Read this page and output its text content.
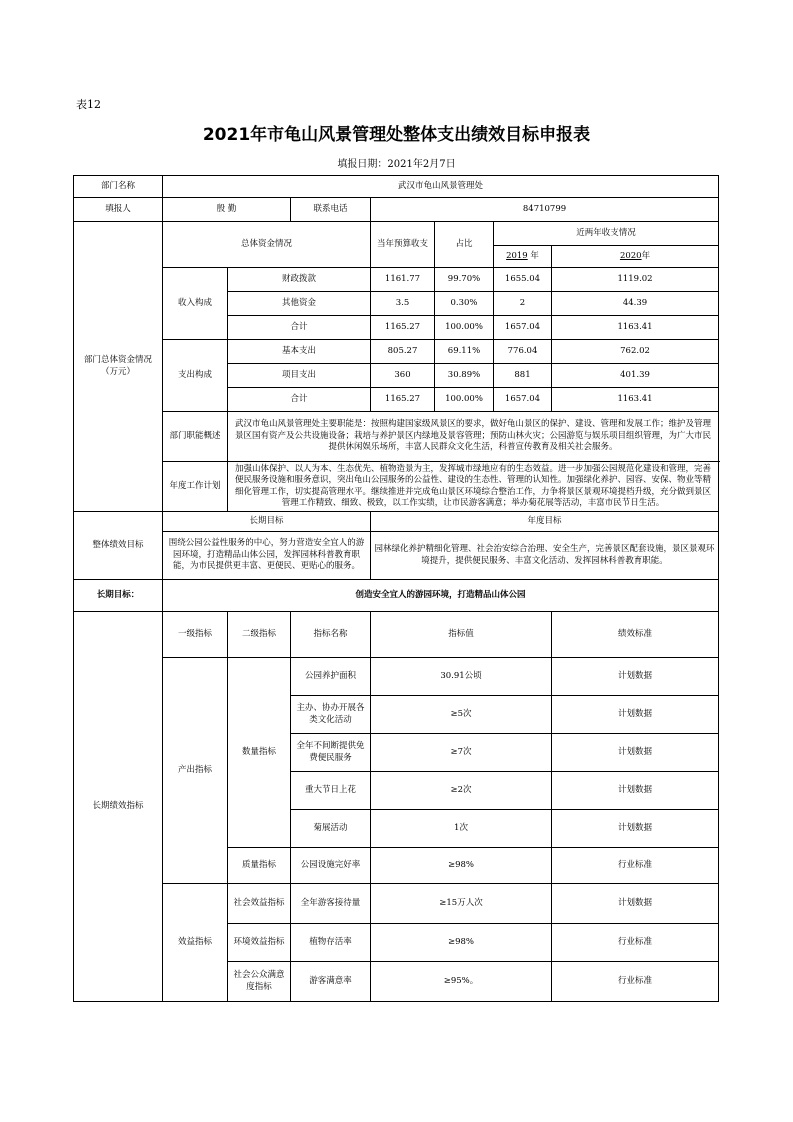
表12
2021年市龟山风景管理处整体支出绩效目标申报表
填报日期：2021年2月7日
部门名称	武汉市龟山风景管理处						
填报人	殷 勤		联系电话	84710799			
部门总体资金情况（万元）	总体资金情况			当年预算收支	占比	近两年收支情况	
						2019 年	2020年
	收入构成	财政拨款		1161.77	99.70%	1655.04	1119.02
		其他资金		3.5	0.30%	2	44.39
		合计		1165.27	100.00%	1657.04	1163.41
	支出构成	基本支出		805.27	69.11%	776.04	762.02
		项目支出		360	30.89%	881	401.39
		合计		1165.27	100.00%	1657.04	1163.41
	部门职能概述	武汉市龟山风景管理处主要职能是：按照构建国家级风景区的要求，做好龟山景区的保护、建设、管理和发展工作；维护及管理景区国有资产及公共设施设备；栽培与养护景区内绿地及景容管理；预防山林火灾；公园游览与娱乐项目组织管理，为广大市民提供休闲娱乐场所，丰富人民群众文化生活，科普宣传教育及相关社会服务。					
	年度工作计划	加强山体保护、以人为本、生态优先、植物造景为主，发挥城市绿地应有的生态效益。进一步加强公园规范化建设和管理，完善便民服务设施和服务意识，突出龟山公园服务的公益性、建设的生态性、管理的认知性。加强绿化养护、园容、安保、物业等精细化管理工作，切实提高管理水平。继续推进并完成龟山景区环境综合整治工作，力争将景区景观环境提档升级，充分做到景区管理工作精致、细致、极致，以工作实绩，让市民游客满意；举办菊花展等活动，丰富市民节日生活。					
整体绩效目标	长期目标			年度目标			
	围绕公园公益性服务的中心，努力营造安全宜人的游园环境，打造精品山体公园，发挥园林科普教育职能，为市民提供更丰富、更便民、更贴心的服务。			园林绿化养护精细化管理、社会治安综合治理、安全生产，完善景区配套设施，景区景观环境提升，提供便民服务、丰富文化活动、发挥园林科普教育职能。			
长期目标：	创造安全宜人的游园环境，打造精品山体公园						
长期绩效指标	一级指标	二级指标	指标名称	指标值			绩效标准
	产出指标	数量指标	公园养护面积	30.91公顷			计划数据
			主办、协办开展各类文化活动	≥5次			计划数据
			全年不间断提供免费便民服务	≥7次			计划数据
			重大节日上花	≥2次			计划数据
			菊展活动	1次			计划数据
		质量指标	公园设施完好率	≥98%			行业标准
	效益指标	社会效益指标	全年游客接待量	≥15万人次			计划数据
		环境效益指标	植物存活率	≥98%			行业标准
		社会公众满意度指标	游客满意率	≥95%。			行业标准
